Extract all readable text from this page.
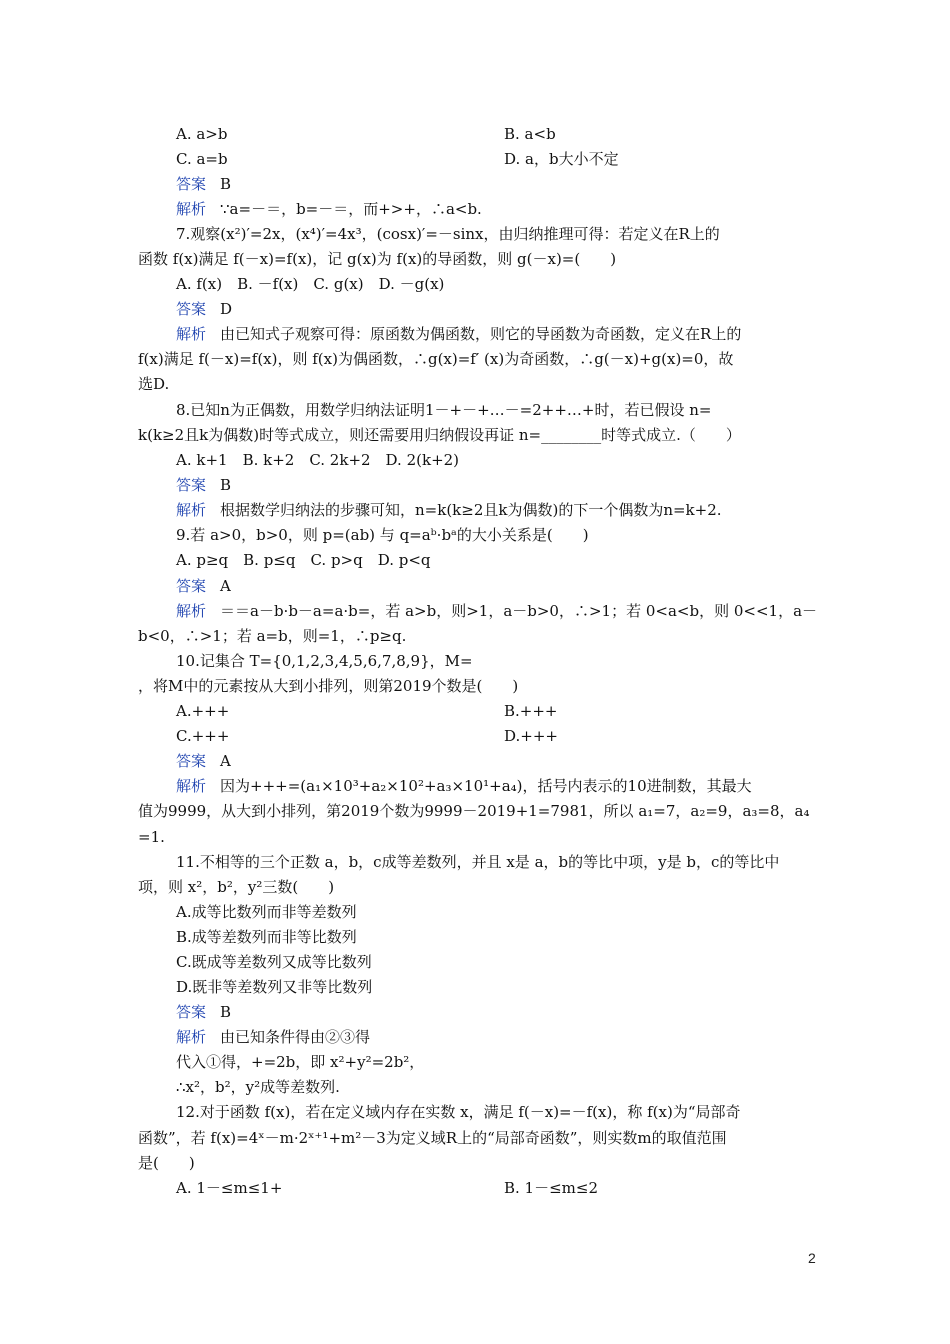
A. a>b	B. a<b
C. a=b	D. a，b大小不定
答案 B
解析 ∵a=－＝，b=－＝，而+>+，∴a<b.
7.观察(x²)′=2x，(x⁴)′=4x³，(cosx)′=－sinx，由归纳推理可得：若定义在R上的
函数 f(x)满足 f(－x)=f(x)，记 g(x)为 f(x)的导函数，则 g(－x)=(　　)
A. f(x)　B. －f(x)　C. g(x)　D. －g(x)
答案 D
解析 由已知式子观察可得：原函数为偶函数，则它的导函数为奇函数，定义在R上的
f(x)满足 f(－x)=f(x)，则 f(x)为偶函数，∴g(x)=f′ (x)为奇函数，∴g(－x)+g(x)=0，故
选D.
8.已知n为正偶数，用数学归纳法证明1－+－+…－=2++…+时，若已假设 n=
k(k≥2且k为偶数)时等式成立，则还需要用归纳假设再证 n=________时等式成立.（　　）
A. k+1　B. k+2　C. 2k+2　D. 2(k+2)
答案 B
解析 根据数学归纳法的步骤可知，n=k(k≥2且k为偶数)的下一个偶数为n=k+2.
9.若 a>0，b>0，则 p=(ab) 与 q=aᵇ·bᵃ的大小关系是(　　)
A. p≥q　B. p≤q　C. p>q　D. p<q
答案 A
解析 ＝＝a－b·b－a=a·b=，若 a>b，则>1，a－b>0，∴>1；若 0<a<b，则 0<<1，a－
b<0，∴>1；若 a=b，则=1，∴p≥q.
10.记集合 T={0,1,2,3,4,5,6,7,8,9}，M=
，将M中的元素按从大到小排列，则第2019个数是(　　)
A.+++	B.+++
C.+++	D.+++
答案 A
解析 因为+++=(a₁×10³+a₂×10²+a₃×10¹+a₄)，括号内表示的10进制数，其最大
值为9999，从大到小排列，第2019个数为9999－2019+1=7981，所以 a₁=7，a₂=9，a₃=8，a₄
=1.
11.不相等的三个正数 a，b，c成等差数列，并且 x是 a，b的等比中项，y是 b，c的等比中
项，则 x²，b²，y²三数(　　)
A.成等比数列而非等差数列
B.成等差数列而非等比数列
C.既成等差数列又成等比数列
D.既非等差数列又非等比数列
答案 B
解析 由已知条件得由②③得
代入①得，+=2b，即 x²+y²=2b²，
∴x²，b²，y²成等差数列.
12.对于函数 f(x)，若在定义域内存在实数 x，满足 f(－x)=－f(x)，称 f(x)为“局部奇
函数”，若 f(x)=4ˣ－m·2ˣ⁺¹+m²－3为定义域R上的“局部奇函数”，则实数m的取值范围
是(　　)
A. 1－≤m≤1+	B. 1－≤m≤2
2
